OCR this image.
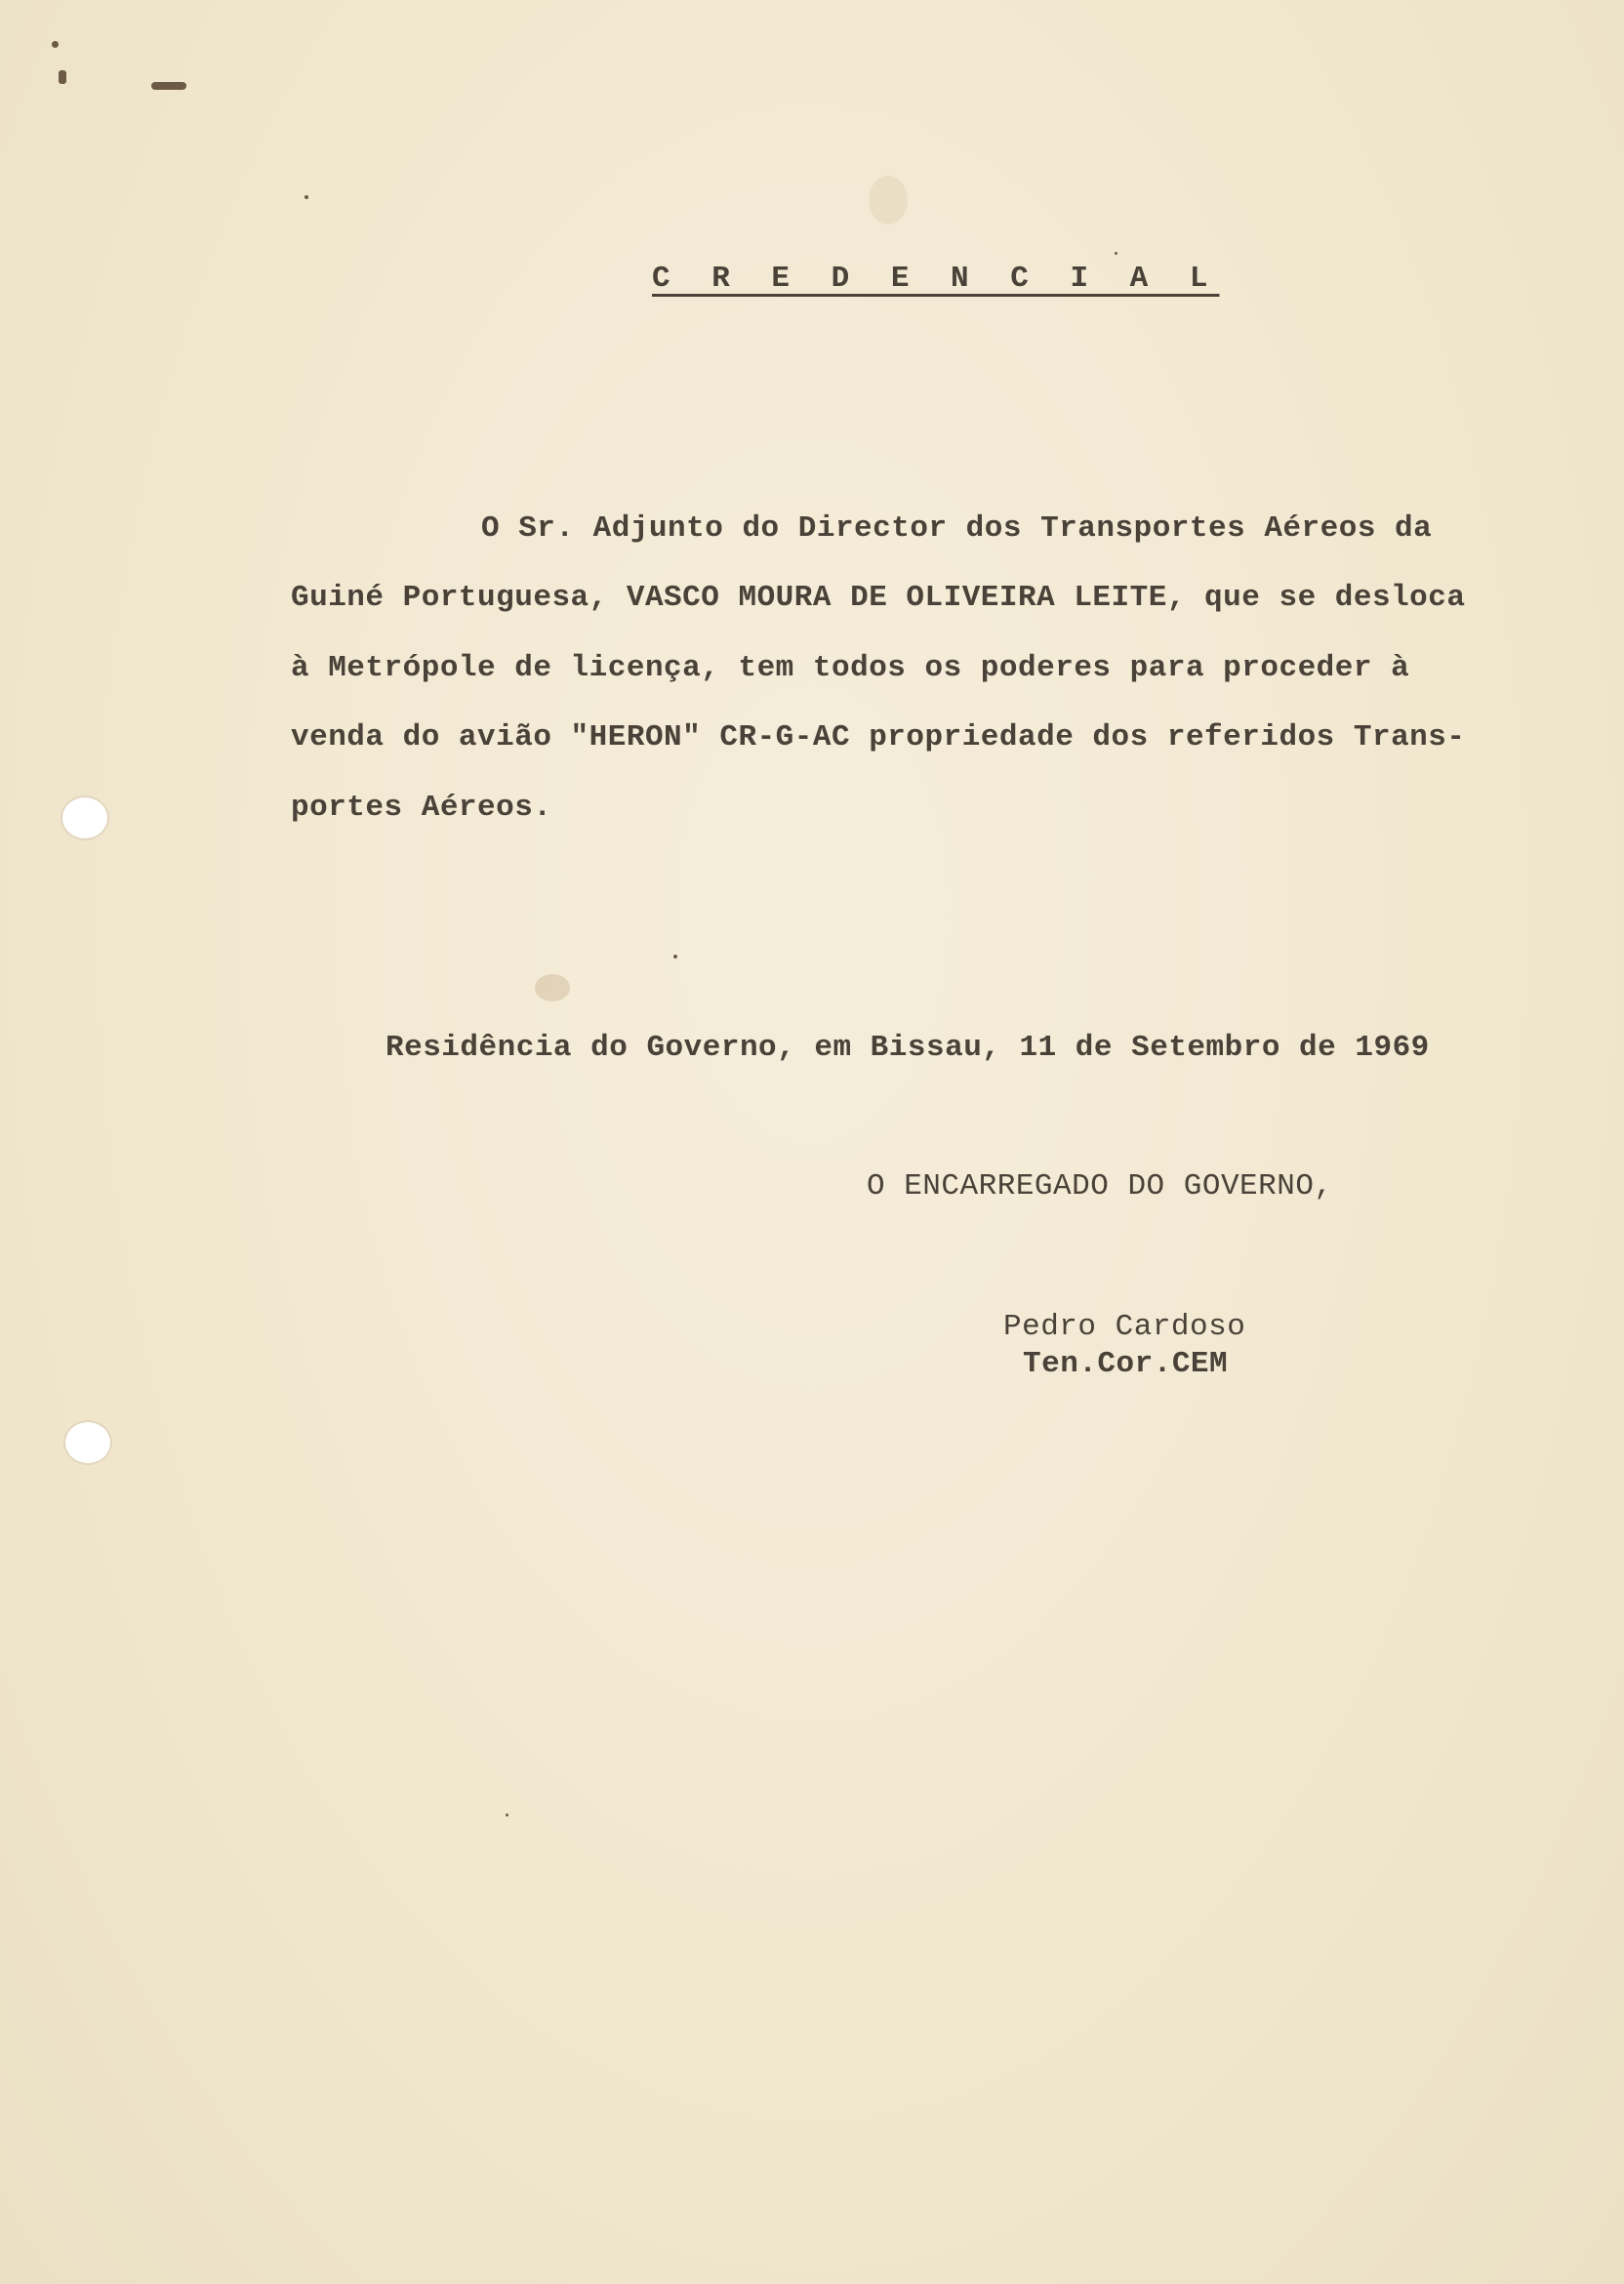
C R E D E N C I A L
O Sr. Adjunto do Director dos Transportes Aéreos da
Guiné Portuguesa, VASCO MOURA DE OLIVEIRA LEITE, que se desloca
à Metrópole de licença, tem todos os poderes para proceder à
venda do avião "HERON" CR-G-AC propriedade dos referidos Trans-
portes Aéreos.
Residência do Governo, em Bissau, 11 de Setembro de 1969
O ENCARREGADO DO GOVERNO,
Pedro Cardoso
Ten.Cor.CEM
